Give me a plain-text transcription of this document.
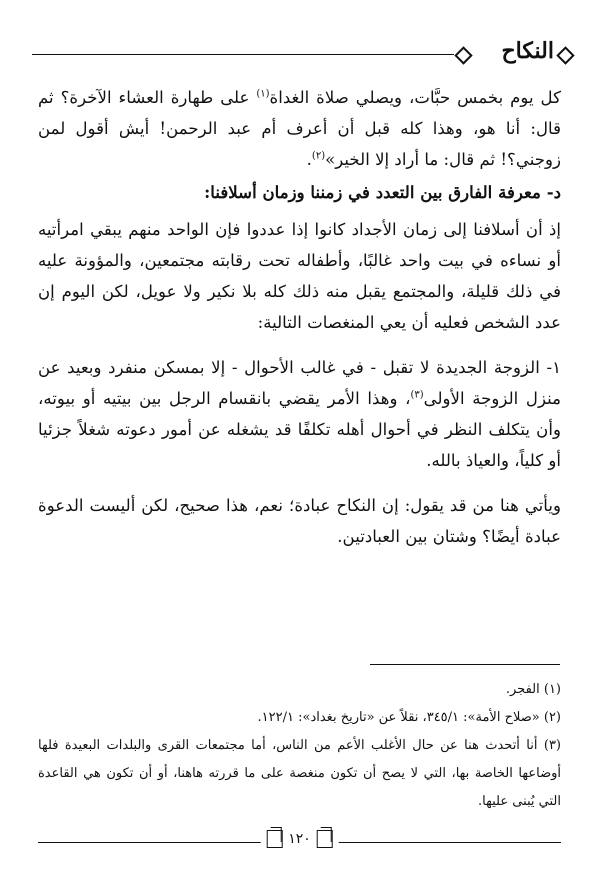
النكاح

كل يوم بخمس حبَّات، ويصلي صلاة الغداة$^{(١)}$ على طهارة العشاء الآخرة؟ ثم قال: أنا هو، وهذا كله قبل أن أعرف أم عبد الرحمن! أيش أقول لمن زوجني؟! ثم قال: ما أراد إلا الخير»$^{(٢)}$.

د- معرفة الفارق بين التعدد في زمننا وزمان أسلافنا:

إذ أن أسلافنا إلى زمان الأجداد كانوا إذا عددوا فإن الواحد منهم يبقي امرأتيه أو نساءه في بيت واحد غالبًا، وأطفاله تحت رقابته مجتمعين، والمؤونة عليه في ذلك قليلة، والمجتمع يقبل منه ذلك كله بلا نكير ولا عويل، لكن اليوم إن عدد الشخص فعليه أن يعي المنغصات التالية:

١- الزوجة الجديدة لا تقبل - في غالب الأحوال - إلا بمسكن منفرد وبعيد عن منزل الزوجة الأولى$^{(٣)}$، وهذا الأمر يقضي بانقسام الرجل بين بيتيه أو بيوته، وأن يتكلف النظر في أحوال أهله تكلفًا قد يشغله عن أمور دعوته شغلاً جزئيا أو كلياً، والعياذ بالله.

ويأتي هنا من قد يقول: إن النكاح عبادة؛ نعم، هذا صحيح، لكن أليست الدعوة عبادة أيضًا؟ وشتان بين العبادتين.

(١) الفجر.

(٢) «صلاح الأمة»: ٣٤٥/١، نقلاً عن «تاريخ بغداد»: ١٢٢/١.

(٣) أنا أتحدث هنا عن حال الأغلب الأعم من الناس، أما مجتمعات القرى والبلدات البعيدة فلها أوضاعها الخاصة بها، التي لا يصح أن تكون منغصة على ما قررته هاهنا، أو أن تكون هي القاعدة التي يُبنى عليها.

١٢٠
